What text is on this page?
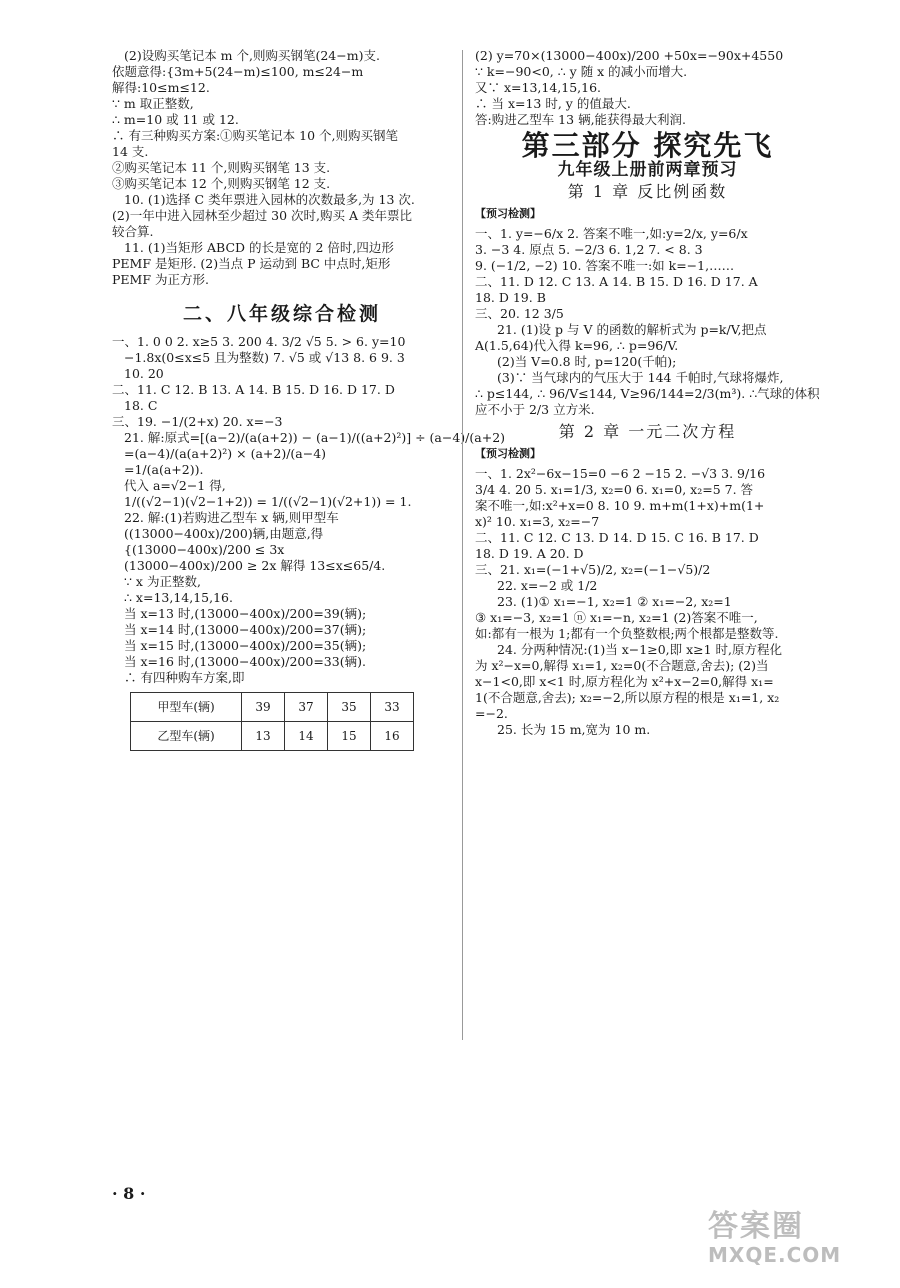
(2)设购买笔记本 m 个,则购买钢笔(24−m)支.
依题意得:{3m+5(24−m)≤100, m≤24−m
解得:10≤m≤12.
∵ m 取正整数,
∴ m=10 或 11 或 12.
∴ 有三种购买方案:①购买笔记本 10 个,则购买钢笔
14 支.
②购买笔记本 11 个,则购买钢笔 13 支.
③购买笔记本 12 个,则购买钢笔 12 支.
10. (1)选择 C 类年票进入园林的次数最多,为 13 次.
(2)一年中进入园林至少超过 30 次时,购买 A 类年票比
较合算.
11. (1)当矩形 ABCD 的长是宽的 2 倍时,四边形
PEMF 是矩形. (2)当点 P 运动到 BC 中点时,矩形
PEMF 为正方形.
二、八年级综合检测
一、1. 0 0 2. x≥5 3. 200 4. 3/2 √5 5. > 6. y=10
−1.8x(0≤x≤5 且为整数) 7. √5 或 √13 8. 6 9. 3
10. 20
二、11. C 12. B 13. A 14. B 15. D 16. D 17. D
18. C
三、19. −1/(2+x) 20. x=−3
21. 解:原式=[(a−2)/(a(a+2)) − (a−1)/((a+2)²)] ÷ (a−4)/(a+2)
=(a−4)/(a(a+2)²) × (a+2)/(a−4)
=1/(a(a+2)).
代入 a=√2−1 得,
1/((√2−1)(√2−1+2)) = 1/((√2−1)(√2+1)) = 1.
22. 解:(1)若购进乙型车 x 辆,则甲型车
((13000−400x)/200)辆,由题意,得
{(13000−400x)/200 ≤ 3x
(13000−400x)/200 ≥ 2x 解得 13≤x≤65/4.
∵ x 为正整数,
∴ x=13,14,15,16.
当 x=13 时,(13000−400x)/200=39(辆);
当 x=14 时,(13000−400x)/200=37(辆);
当 x=15 时,(13000−400x)/200=35(辆);
当 x=16 时,(13000−400x)/200=33(辆).
∴ 有四种购车方案,即
甲型车(辆)	39	37	35	33
乙型车(辆)	13	14	15	16
(2) y=70×(13000−400x)/200 +50x=−90x+4550
∵ k=−90<0, ∴ y 随 x 的减小而增大.
又∵ x=13,14,15,16.
∴ 当 x=13 时, y 的值最大.
答:购进乙型车 13 辆,能获得最大利润.
第三部分 探究先飞
九年级上册前两章预习
第 1 章 反比例函数
【预习检测】
一、1. y=−6/x 2. 答案不唯一,如:y=2/x, y=6/x
3. −3 4. 原点 5. −2/3 6. 1,2 7. < 8. 3
9. (−1/2, −2) 10. 答案不唯一:如 k=−1,……
二、11. D 12. C 13. A 14. B 15. D 16. D 17. A
18. D 19. B
三、20. 12 3/5
21. (1)设 p 与 V 的函数的解析式为 p=k/V,把点
A(1.5,64)代入得 k=96, ∴ p=96/V.
(2)当 V=0.8 时, p=120(千帕);
(3)∵ 当气球内的气压大于 144 千帕时,气球将爆炸,
∴ p≤144, ∴ 96/V≤144, V≥96/144=2/3(m³). ∴气球的体积
应不小于 2/3 立方米.
第 2 章 一元二次方程
【预习检测】
一、1. 2x²−6x−15=0 −6 2 −15 2. −√3 3. 9/16
3/4 4. 20 5. x₁=1/3, x₂=0 6. x₁=0, x₂=5 7. 答
案不唯一,如:x²+x=0 8. 10 9. m+m(1+x)+m(1+
x)² 10. x₁=3, x₂=−7
二、11. C 12. C 13. D 14. D 15. C 16. B 17. D
18. D 19. A 20. D
三、21. x₁=(−1+√5)/2, x₂=(−1−√5)/2
22. x=−2 或 1/2
23. (1)① x₁=−1, x₂=1 ② x₁=−2, x₂=1
③ x₁=−3, x₂=1 ⓝ x₁=−n, x₂=1 (2)答案不唯一,
如:都有一根为 1;都有一个负整数根;两个根都是整数等.
24. 分两种情况:(1)当 x−1≥0,即 x≥1 时,原方程化
为 x²−x=0,解得 x₁=1, x₂=0(不合题意,舍去); (2)当
x−1<0,即 x<1 时,原方程化为 x²+x−2=0,解得 x₁=
1(不合题意,舍去); x₂=−2,所以原方程的根是 x₁=1, x₂
=−2.
25. 长为 15 m,宽为 10 m.
· 8 ·
答案圈
MXQE.COM
